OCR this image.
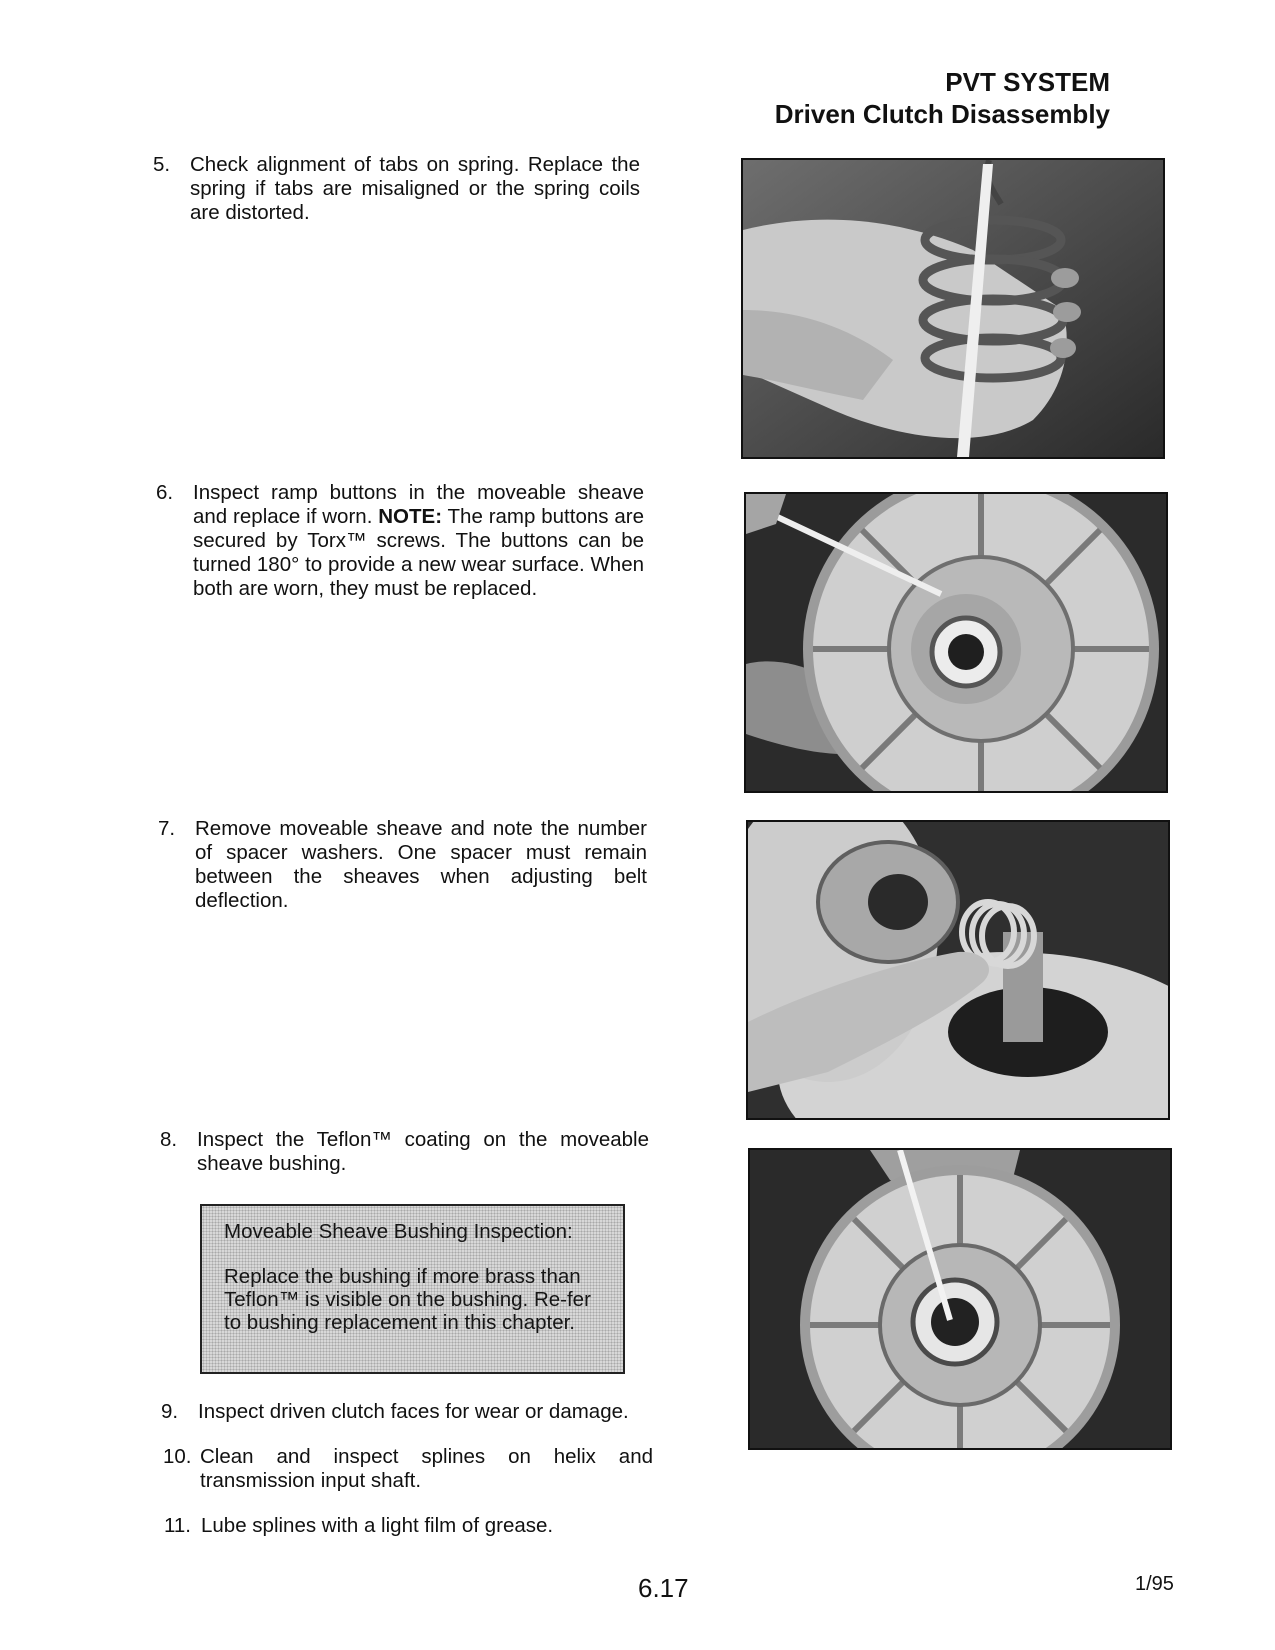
PVT SYSTEM
Driven Clutch Disassembly
5. Check alignment of tabs on spring. Replace the spring if tabs are misaligned or the spring coils are distorted.
6. Inspect ramp buttons in the moveable sheave and replace if worn. NOTE: The ramp buttons are secured by Torx™ screws. The buttons can be turned 180° to provide a new wear surface. When both are worn, they must be replaced.
7. Remove moveable sheave and note the number of spacer washers. One spacer must remain between the sheaves when adjusting belt deflection.
8. Inspect the Teflon™ coating on the moveable sheave bushing.
Moveable Sheave Bushing Inspection:
Replace the bushing if more brass than Teflon™ is visible on the bushing. Re-fer to bushing replacement in this chapter.
9. Inspect driven clutch faces for wear or damage.
10. Clean and inspect splines on helix and transmission input shaft.
11. Lube splines with a light film of grease.
6.17	1/95
